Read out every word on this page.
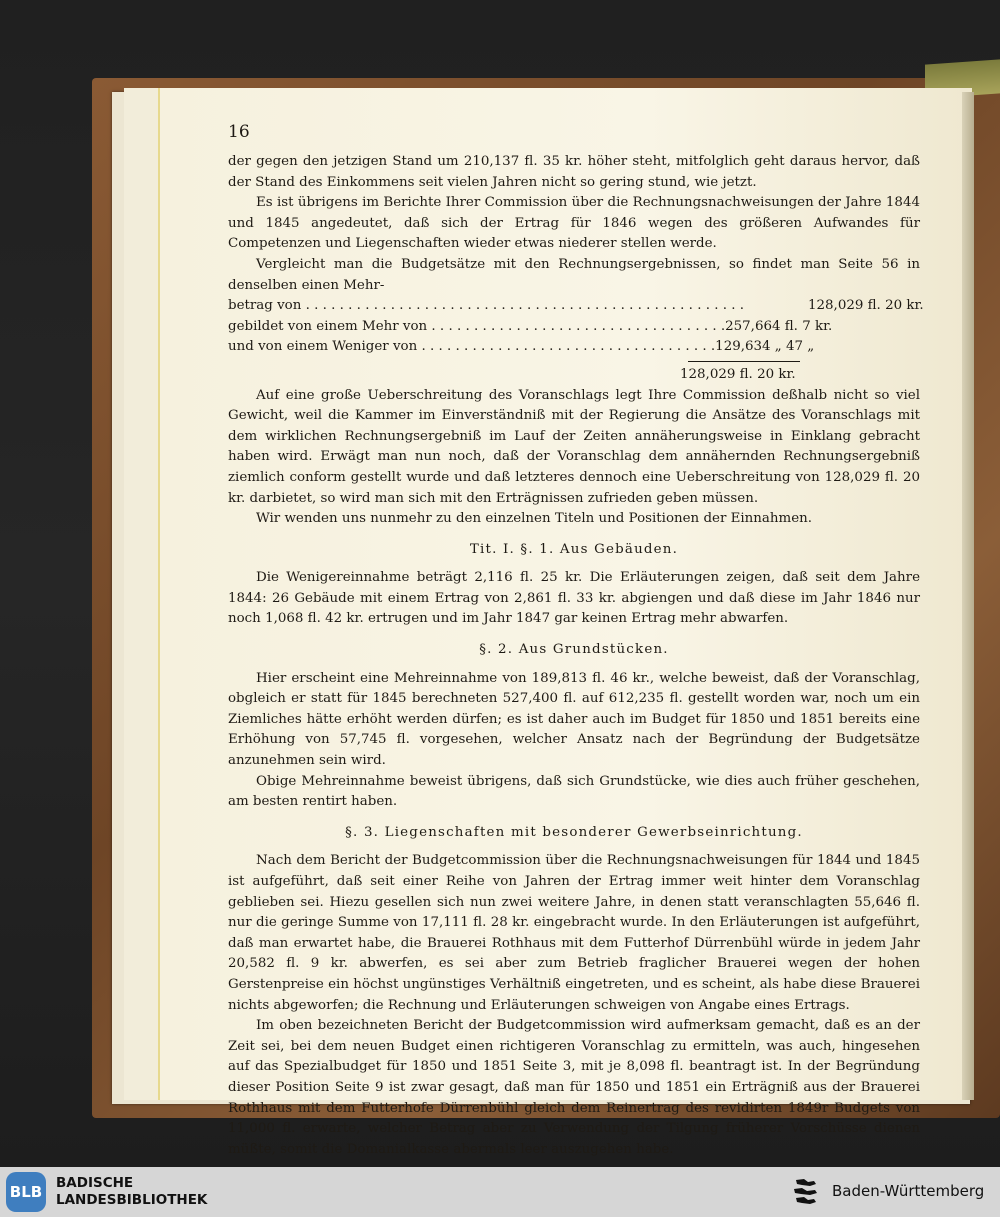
16

der gegen den jetzigen Stand um 210,137 fl. 35 kr. höher steht, mitfolglich geht daraus hervor, daß der Stand des Einkommens seit vielen Jahren nicht so gering stund, wie jetzt.

Es ist übrigens im Berichte Ihrer Commission über die Rechnungsnachweisungen der Jahre 1844 und 1845 angedeutet, daß sich der Ertrag für 1846 wegen des größeren Aufwandes für Competenzen und Liegenschaften wieder etwas niederer stellen werde.

Vergleicht man die Budgetsätze mit den Rechnungsergebnissen, so findet man Seite 56 in denselben einen Mehr-

betrag von . . . . . . . . . . . . . . . . . . . . . . . . . . . . . . . . . . . . . . . . . . . . . . . . . . . .	128,029 fl. 20 kr.
gebildet von einem Mehr von . . . . . . . . . . . . . . . . . . . . . . . . . . . . . . . . . . . 257,664 fl. 7 kr.
und von einem Weniger von . . . . . . . . . . . . . . . . . . . . . . . . . . . . . . . . . . . 129,634 „ 47 „
128,029 fl. 20 kr.

Auf eine große Ueberschreitung des Voranschlags legt Ihre Commission deßhalb nicht so viel Gewicht, weil die Kammer im Einverständniß mit der Regierung die Ansätze des Voranschlags mit dem wirklichen Rechnungsergebniß im Lauf der Zeiten annäherungsweise in Einklang gebracht haben wird. Erwägt man nun noch, daß der Voranschlag dem annähernden Rechnungsergebniß ziemlich conform gestellt wurde und daß letzteres dennoch eine Ueberschreitung von 128,029 fl. 20 kr. darbietet, so wird man sich mit den Erträgnissen zufrieden geben müssen.

Wir wenden uns nunmehr zu den einzelnen Titeln und Positionen der Einnahmen.

Tit. I. §. 1. Aus Gebäuden.

Die Wenigereinnahme beträgt 2,116 fl. 25 kr. Die Erläuterungen zeigen, daß seit dem Jahre 1844: 26 Gebäude mit einem Ertrag von 2,861 fl. 33 kr. abgiengen und daß diese im Jahr 1846 nur noch 1,068 fl. 42 kr. ertrugen und im Jahr 1847 gar keinen Ertrag mehr abwarfen.

§. 2. Aus Grundstücken.

Hier erscheint eine Mehreinnahme von 189,813 fl. 46 kr., welche beweist, daß der Voranschlag, obgleich er statt für 1845 berechneten 527,400 fl. auf 612,235 fl. gestellt worden war, noch um ein Ziemliches hätte erhöht werden dürfen; es ist daher auch im Budget für 1850 und 1851 bereits eine Erhöhung von 57,745 fl. vorgesehen, welcher Ansatz nach der Begründung der Budgetsätze anzunehmen sein wird.

Obige Mehreinnahme beweist übrigens, daß sich Grundstücke, wie dies auch früher geschehen, am besten rentirt haben.

§. 3. Liegenschaften mit besonderer Gewerbseinrichtung.

Nach dem Bericht der Budgetcommission über die Rechnungsnachweisungen für 1844 und 1845 ist aufgeführt, daß seit einer Reihe von Jahren der Ertrag immer weit hinter dem Voranschlag geblieben sei. Hiezu gesellen sich nun zwei weitere Jahre, in denen statt veranschlagten 55,646 fl. nur die geringe Summe von 17,111 fl. 28 kr. eingebracht wurde. In den Erläuterungen ist aufgeführt, daß man erwartet habe, die Brauerei Rothhaus mit dem Futterhof Dürrenbühl würde in jedem Jahr 20,582 fl. 9 kr. abwerfen, es sei aber zum Betrieb fraglicher Brauerei wegen der hohen Gerstenpreise ein höchst ungünstiges Verhältniß eingetreten, und es scheint, als habe diese Brauerei nichts abgeworfen; die Rechnung und Erläuterungen schweigen von Angabe eines Ertrags.

Im oben bezeichneten Bericht der Budgetcommission wird aufmerksam gemacht, daß es an der Zeit sei, bei dem neuen Budget einen richtigeren Voranschlag zu ermitteln, was auch, hingesehen auf das Spezialbudget für 1850 und 1851 Seite 3, mit je 8,098 fl. beantragt ist. In der Begründung dieser Position Seite 9 ist zwar gesagt, daß man für 1850 und 1851 ein Erträgniß aus der Brauerei Rothhaus mit dem Futterhofe Dürrenbühl gleich dem Reinertrag des revidirten 1849r Budgets von 11,000 fl. erwarte, welcher Betrag aber zu Verwendung der Tilgung früherer Vorschüsse dienen müßte, somit die Domanialkasse abermals leer auszugehen habe.

BLB BADISCHE
LANDESBIBLIOTHEK	Baden-Württemberg
